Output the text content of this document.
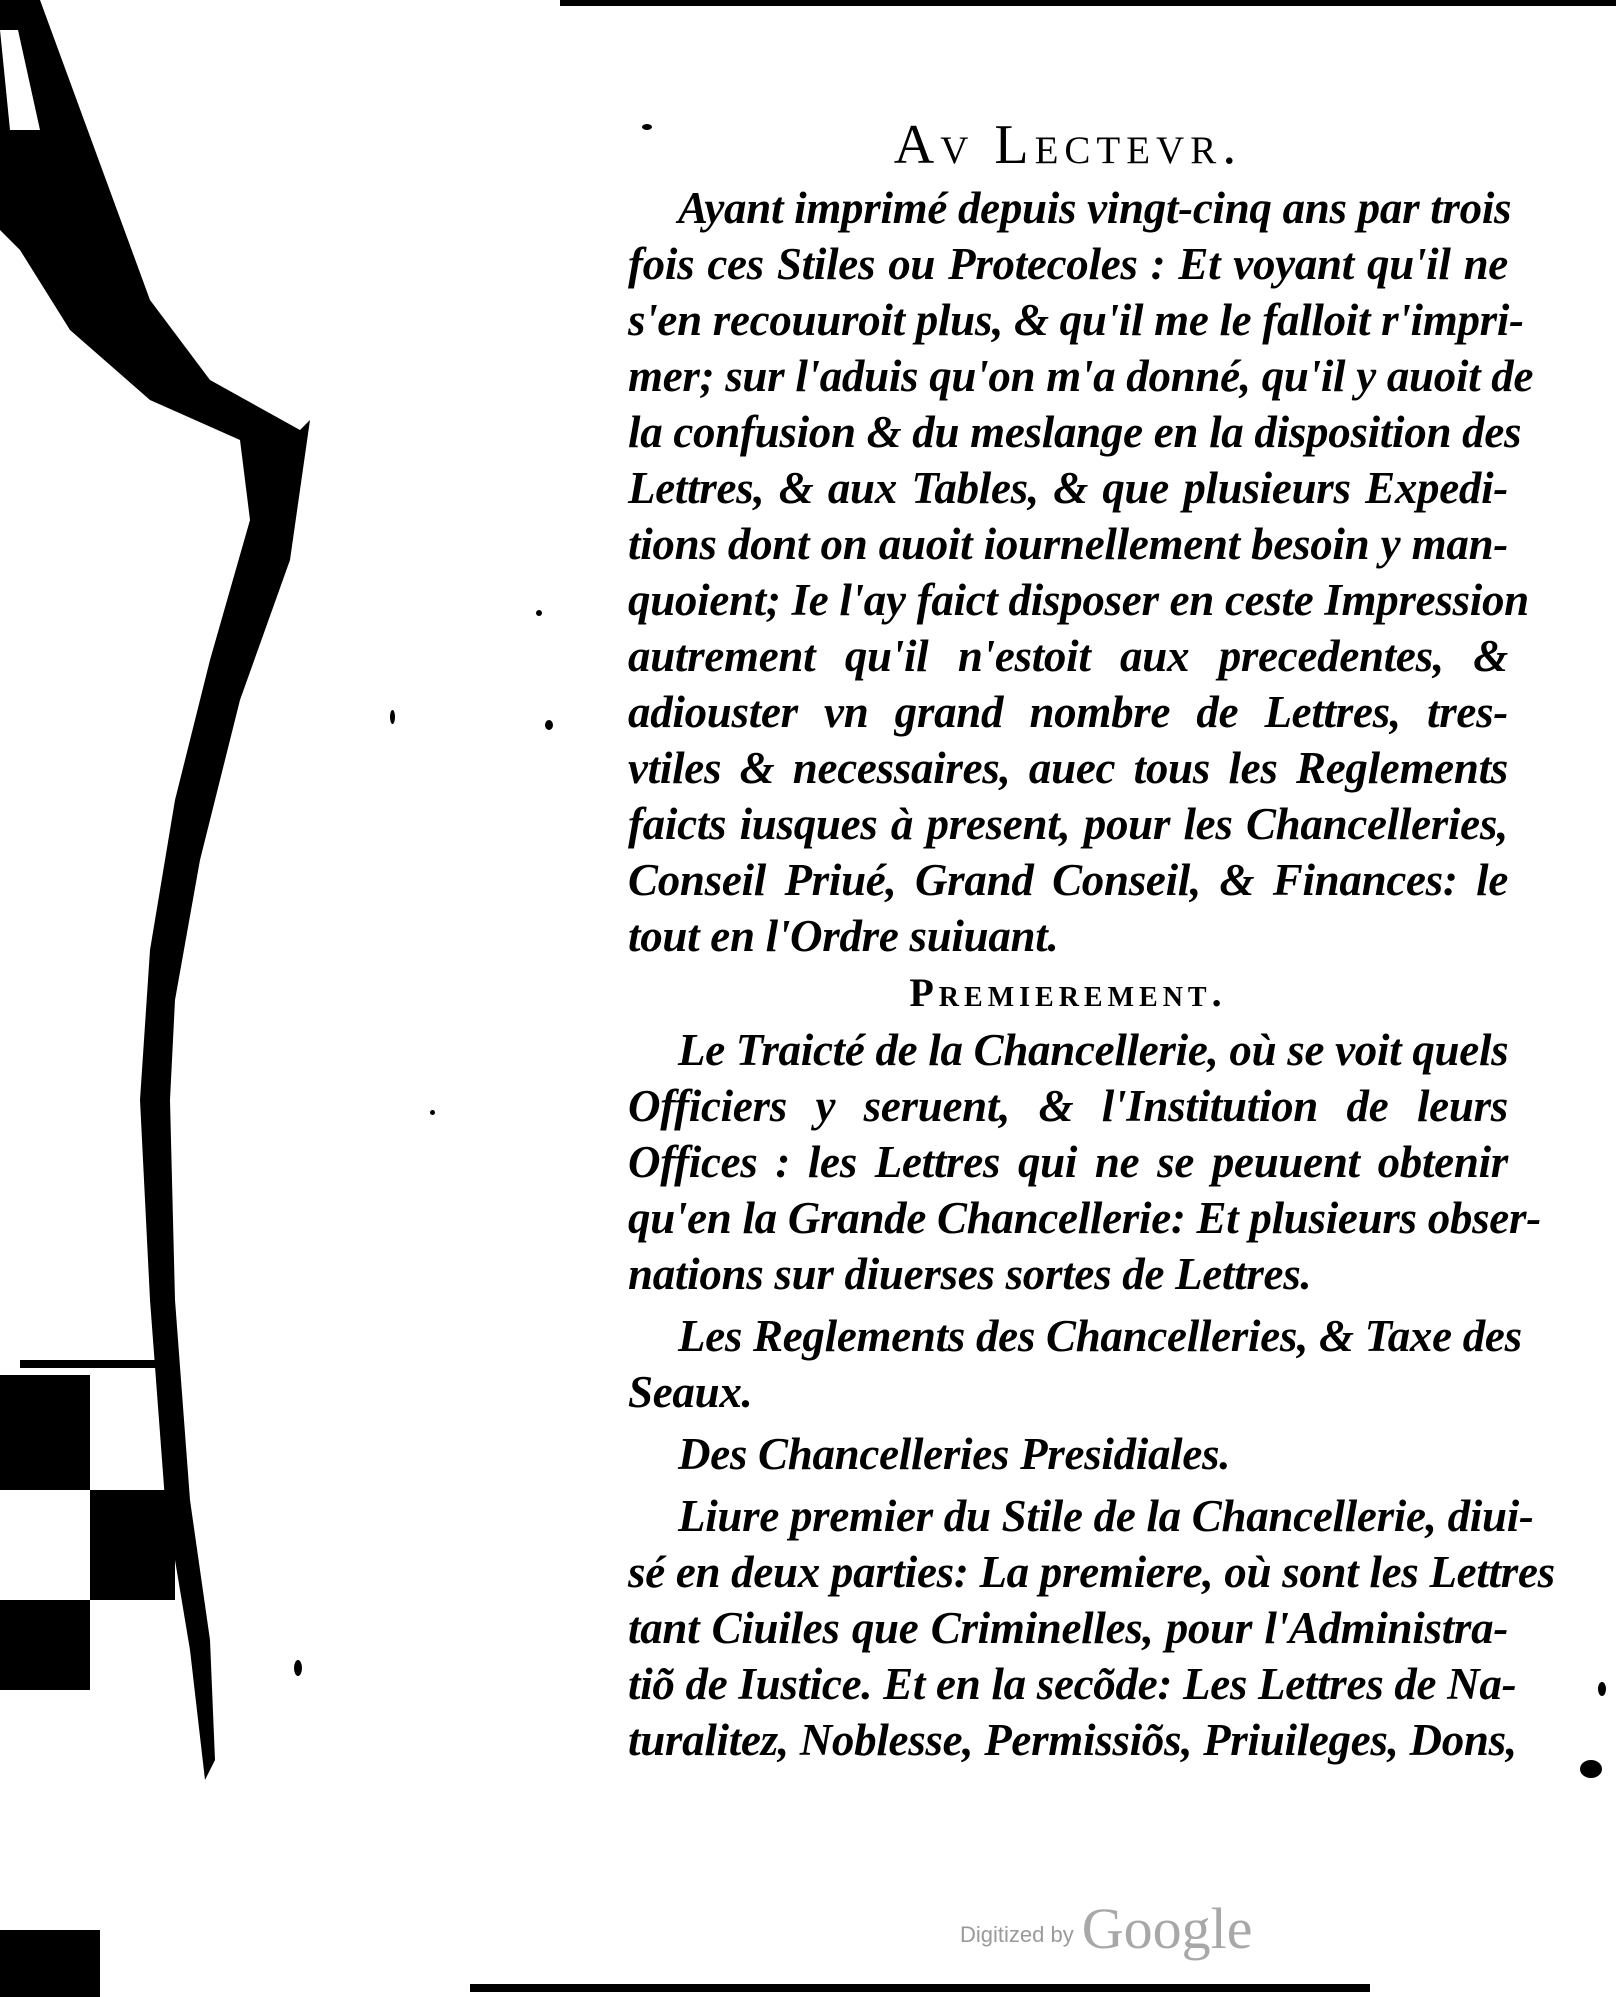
Av Lectevr.
Ayant imprimé depuis vingt-cinq ans par trois
fois ces Stiles ou Protecoles : Et voyant qu'il ne
s'en recouuroit plus, & qu'il me le falloit r'impri-
mer; sur l'aduis qu'on m'a donné, qu'il y auoit de
la confusion & du meslange en la disposition des
Lettres, & aux Tables, & que plusieurs Expedi-
tions dont on auoit iournellement besoin y man-
quoient; Ie l'ay faict disposer en ceste Impression
autrement qu'il n'estoit aux precedentes, &
adiouster vn grand nombre de Lettres, tres-
vtiles & necessaires, auec tous les Reglements
faicts iusques à present, pour les Chancelleries,
Conseil Priué, Grand Conseil, & Finances: le
tout en l'Ordre suiuant.
Premierement.
Le Traicté de la Chancellerie, où se voit quels
Officiers y seruent, & l'Institution de leurs
Offices : les Lettres qui ne se peuuent obtenir
qu'en la Grande Chancellerie: Et plusieurs obser-
nations sur diuerses sortes de Lettres.
Les Reglements des Chancelleries, & Taxe des
Seaux.
Des Chancelleries Presidiales.
Liure premier du Stile de la Chancellerie, diui-
sé en deux parties: La premiere, où sont les Lettres
tant Ciuiles que Criminelles, pour l'Administra-
tiõ de Iustice. Et en la secõde: Les Lettres de Na-
turalitez, Noblesse, Permissiõs, Priuileges, Dons,
Digitized by Google
